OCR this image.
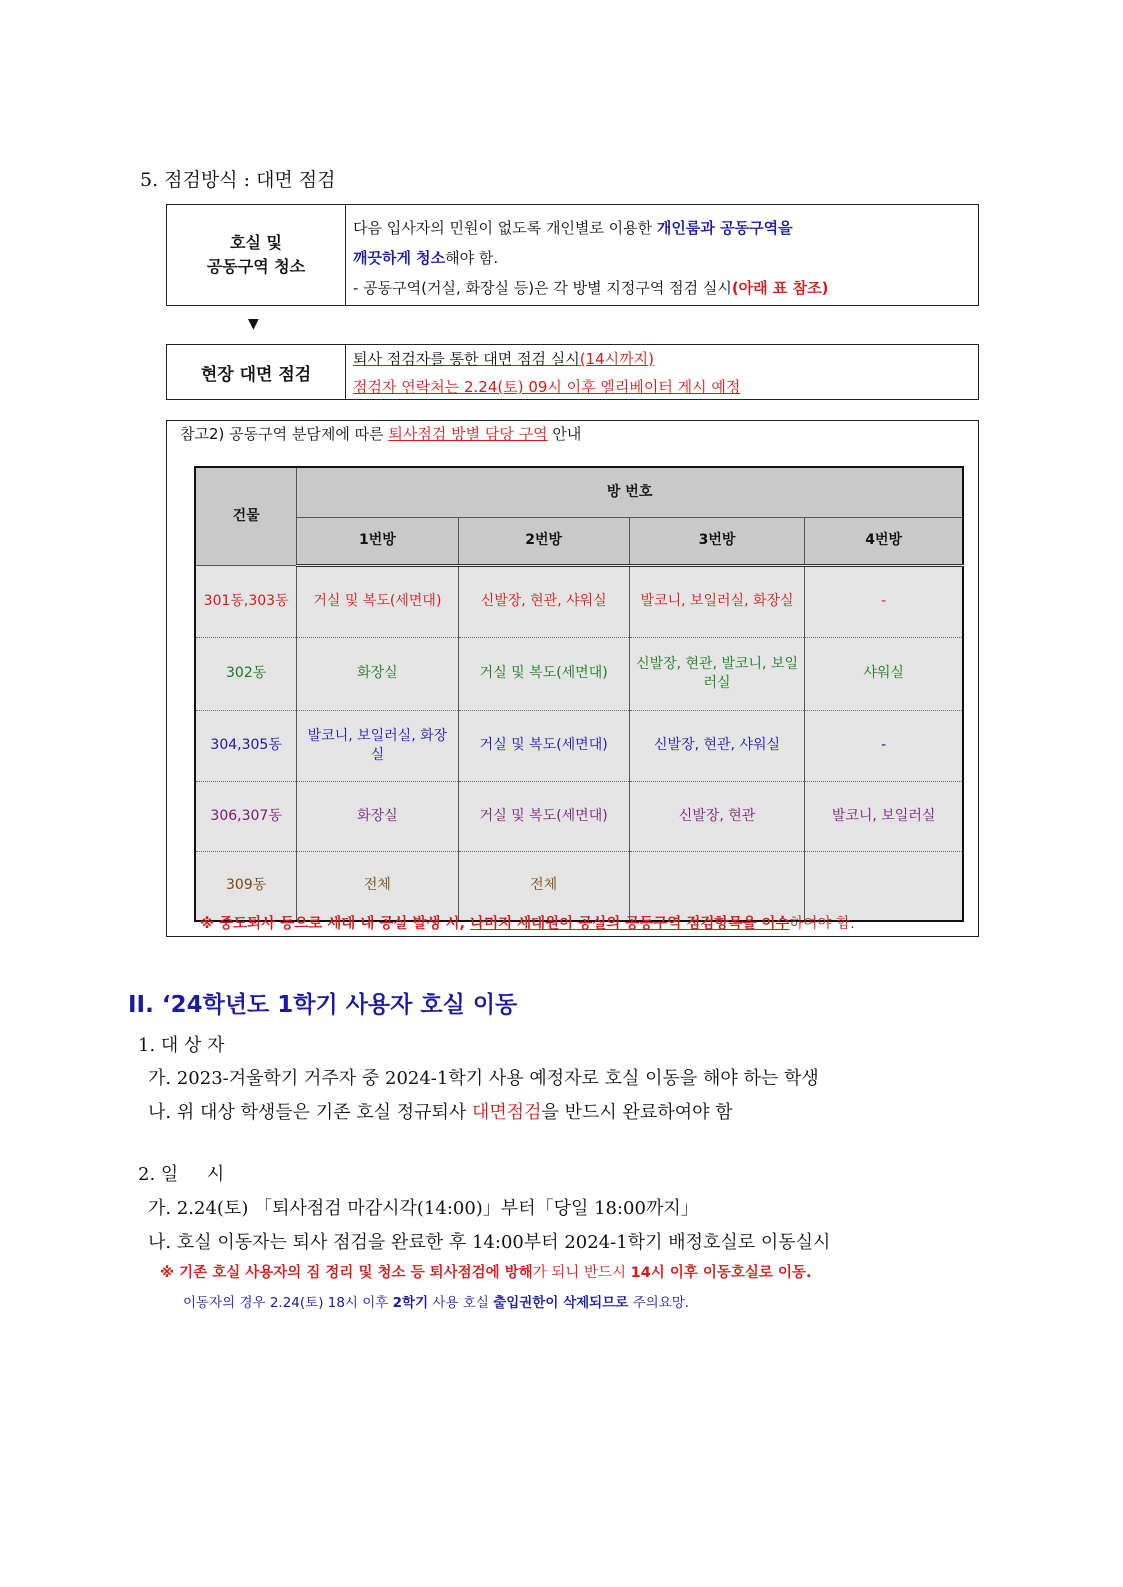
5. 점검방식 : 대면 점검
호실 및
공동구역 청소
다음 입사자의 민원이 없도록 개인별로 이용한 개인룸과 공동구역을
깨끗하게 청소해야 함.
- 공동구역(거실, 화장실 등)은 각 방별 지정구역 점검 실시(아래 표 참조)
▼
현장 대면 점검
퇴사 점검자를 통한 대면 점검 실시(14시까지)
점검자 연락처는 2.24(토) 09시 이후 엘리베이터 게시 예정
참고2) 공동구역 분담제에 따른 퇴사점검 방별 담당 구역 안내
건물	방 번호			
	1번방	2번방	3번방	4번방
301동,303동	거실 및 복도(세면대)	신발장, 현관, 샤워실	발코니, 보일러실, 화장실	-
302동	화장실	거실 및 복도(세면대)	신발장, 현관, 발코니, 보일러실	샤워실
304,305동	발코니, 보일러실, 화장실	거실 및 복도(세면대)	신발장, 현관, 샤워실	-
306,307동	화장실	거실 및 복도(세면대)	신발장, 현관	발코니, 보일러실
309동	전체	전체		
※ 중도퇴사 등으로 세대 내 공실 발생 시, 나머지 세대원이 공실의 공동구역 점검항목을 이수하여야 함.
II. ‘24학년도 1학기 사용자 호실 이동
1. 대 상 자
가. 2023-겨울학기 거주자 중 2024-1학기 사용 예정자로 호실 이동을 해야 하는 학생
나. 위 대상 학생들은 기존 호실 정규퇴사 대면점검을 반드시 완료하여야 함
2. 일     시
가. 2.24(토) 「퇴사점검 마감시각(14:00)」부터「당일 18:00까지」
나. 호실 이동자는 퇴사 점검을 완료한 후 14:00부터 2024-1학기 배정호실로 이동실시
※ 기존 호실 사용자의 짐 정리 및 청소 등 퇴사점검에 방해가 되니 반드시 14시 이후 이동호실로 이동.
이동자의 경우 2.24(토) 18시 이후 2학기 사용 호실 출입권한이 삭제되므로 주의요망.
